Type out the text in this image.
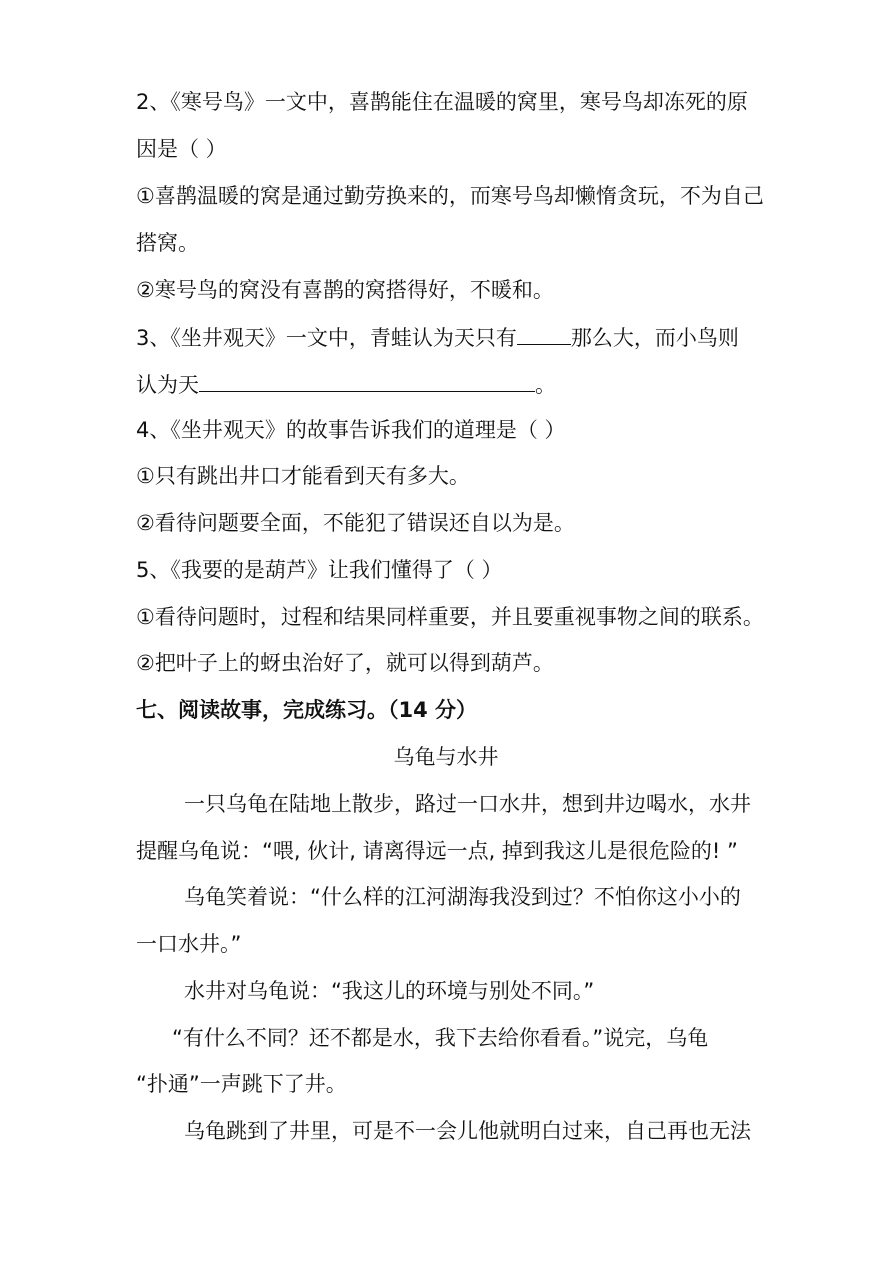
2、《寒号鸟》一文中，喜鹊能住在温暖的窝里，寒号鸟却冻死的原
因是（ ）
①喜鹊温暖的窝是通过勤劳换来的，而寒号鸟却懒惰贪玩，不为自己
搭窝。
②寒号鸟的窝没有喜鹊的窝搭得好，不暖和。
3、《坐井观天》一文中，青蛙认为天只有	那么大，而小鸟则
认为天	。
4、《坐井观天》的故事告诉我们的道理是（ ）
①只有跳出井口才能看到天有多大。
②看待问题要全面，不能犯了错误还自以为是。
5、《我要的是葫芦》让我们懂得了（ ）
①看待问题时，过程和结果同样重要，并且要重视事物之间的联系。
②把叶子上的蚜虫治好了，就可以得到葫芦。
七、阅读故事，完成练习。（14 分）
乌龟与水井
一只乌龟在陆地上散步，路过一口水井，想到井边喝水，水井
提醒乌龟说：“喂, 伙计, 请离得远一点, 掉到我这儿是很危险的! ”
乌龟笑着说：“什么样的江河湖海我没到过？不怕你这小小的
一口水井。”
水井对乌龟说：“我这儿的环境与别处不同。”
“有什么不同？还不都是水，我下去给你看看。”说完，乌龟
“扑通”一声跳下了井。
乌龟跳到了井里，可是不一会儿他就明白过来，自己再也无法
